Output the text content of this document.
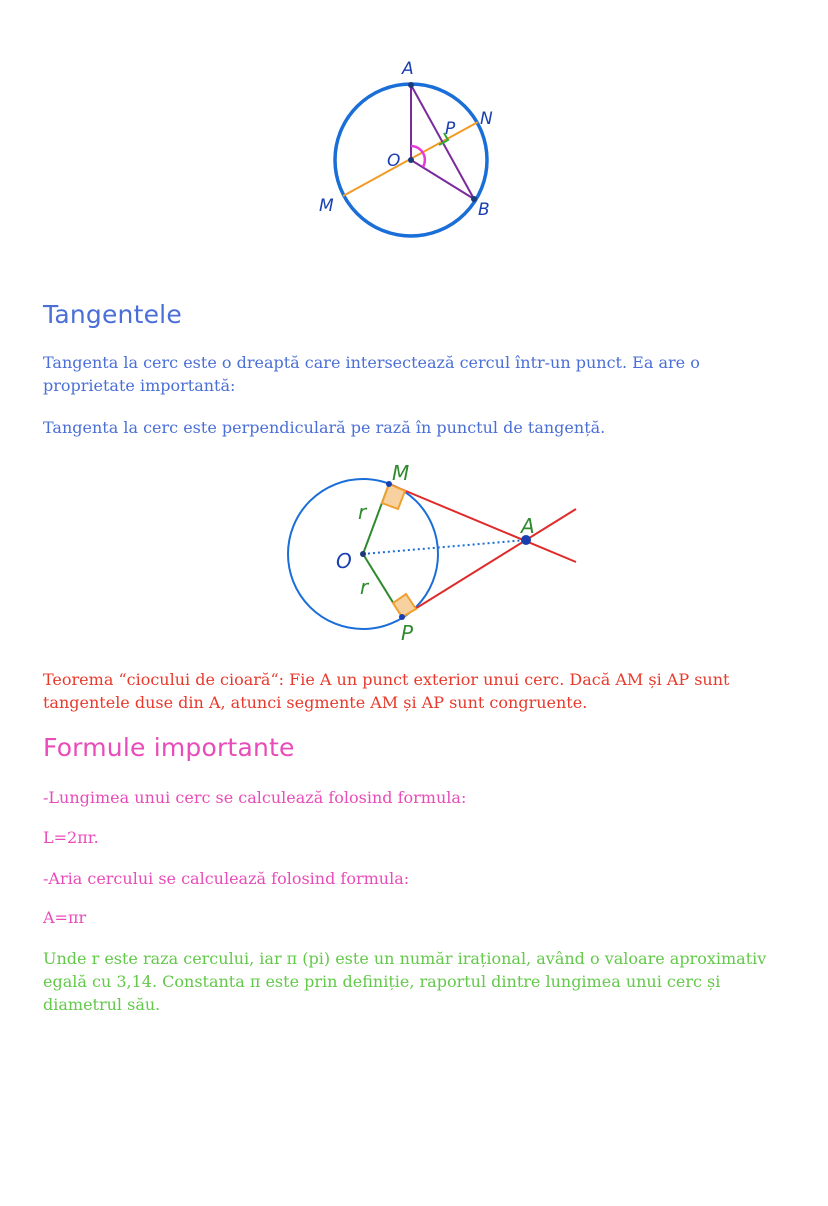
A
N
P
O
M	B
Tangentele

Tangenta la cerc este o dreaptă care intersectează cercul într-un punct. Ea are o proprietate importantă:

Tangenta la cerc este perpendiculară pe rază în punctul de tangență.

M
r
A
O
r
P

Teorema “ciocului de cioară“: Fie A un punct exterior unui cerc. Dacă AM și AP sunt tangentele duse din A, atunci segmente AM și AP sunt congruente.

Formule importante

-Lungimea unui cerc se calculează folosind formula:

L=2πr.

-Aria cercului se calculează folosind formula:

A=πr

Unde r este raza cercului, iar π (pi) este un număr irațional, având o valoare aproximativ egală cu 3,14. Constanta π este prin definiție, raportul dintre lungimea unui cerc și diametrul său.
